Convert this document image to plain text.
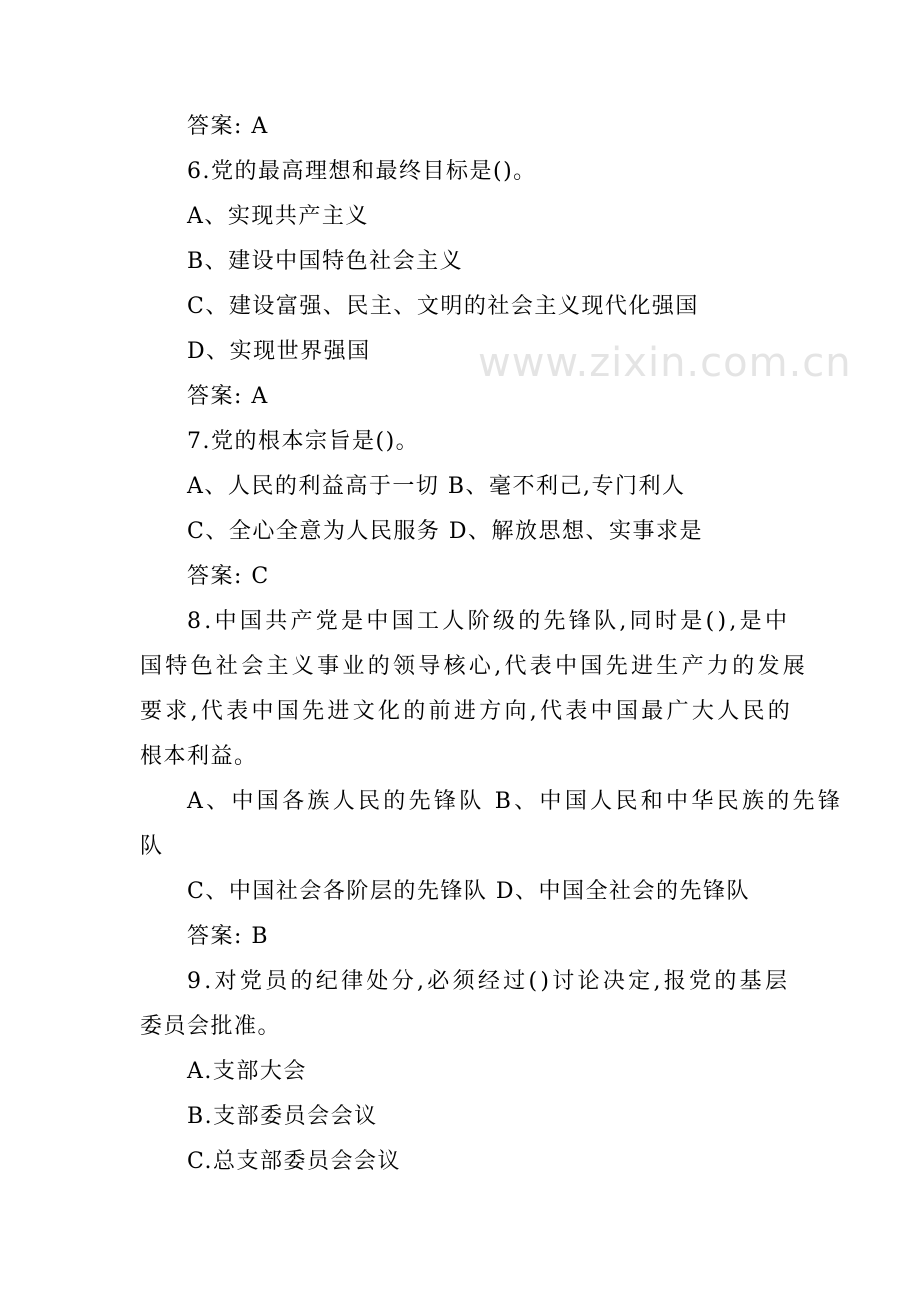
www.zixin.com.cn
答案: A
6.党的最高理想和最终目标是()。
A、实现共产主义
B、建设中国特色社会主义
C、建设富强、民主、文明的社会主义现代化强国
D、实现世界强国
答案: A
7.党的根本宗旨是()。
A、人民的利益高于一切 B、毫不利己,专门利人
C、全心全意为人民服务 D、解放思想、实事求是
答案: C
8.中国共产党是中国工人阶级的先锋队,同时是(),是中
国特色社会主义事业的领导核心,代表中国先进生产力的发展
要求,代表中国先进文化的前进方向,代表中国最广大人民的
根本利益。
A、中国各族人民的先锋队 B、中国人民和中华民族的先锋
队
C、中国社会各阶层的先锋队 D、中国全社会的先锋队
答案: B
9.对党员的纪律处分,必须经过()讨论决定,报党的基层
委员会批准。
A.支部大会
B.支部委员会会议
C.总支部委员会会议
